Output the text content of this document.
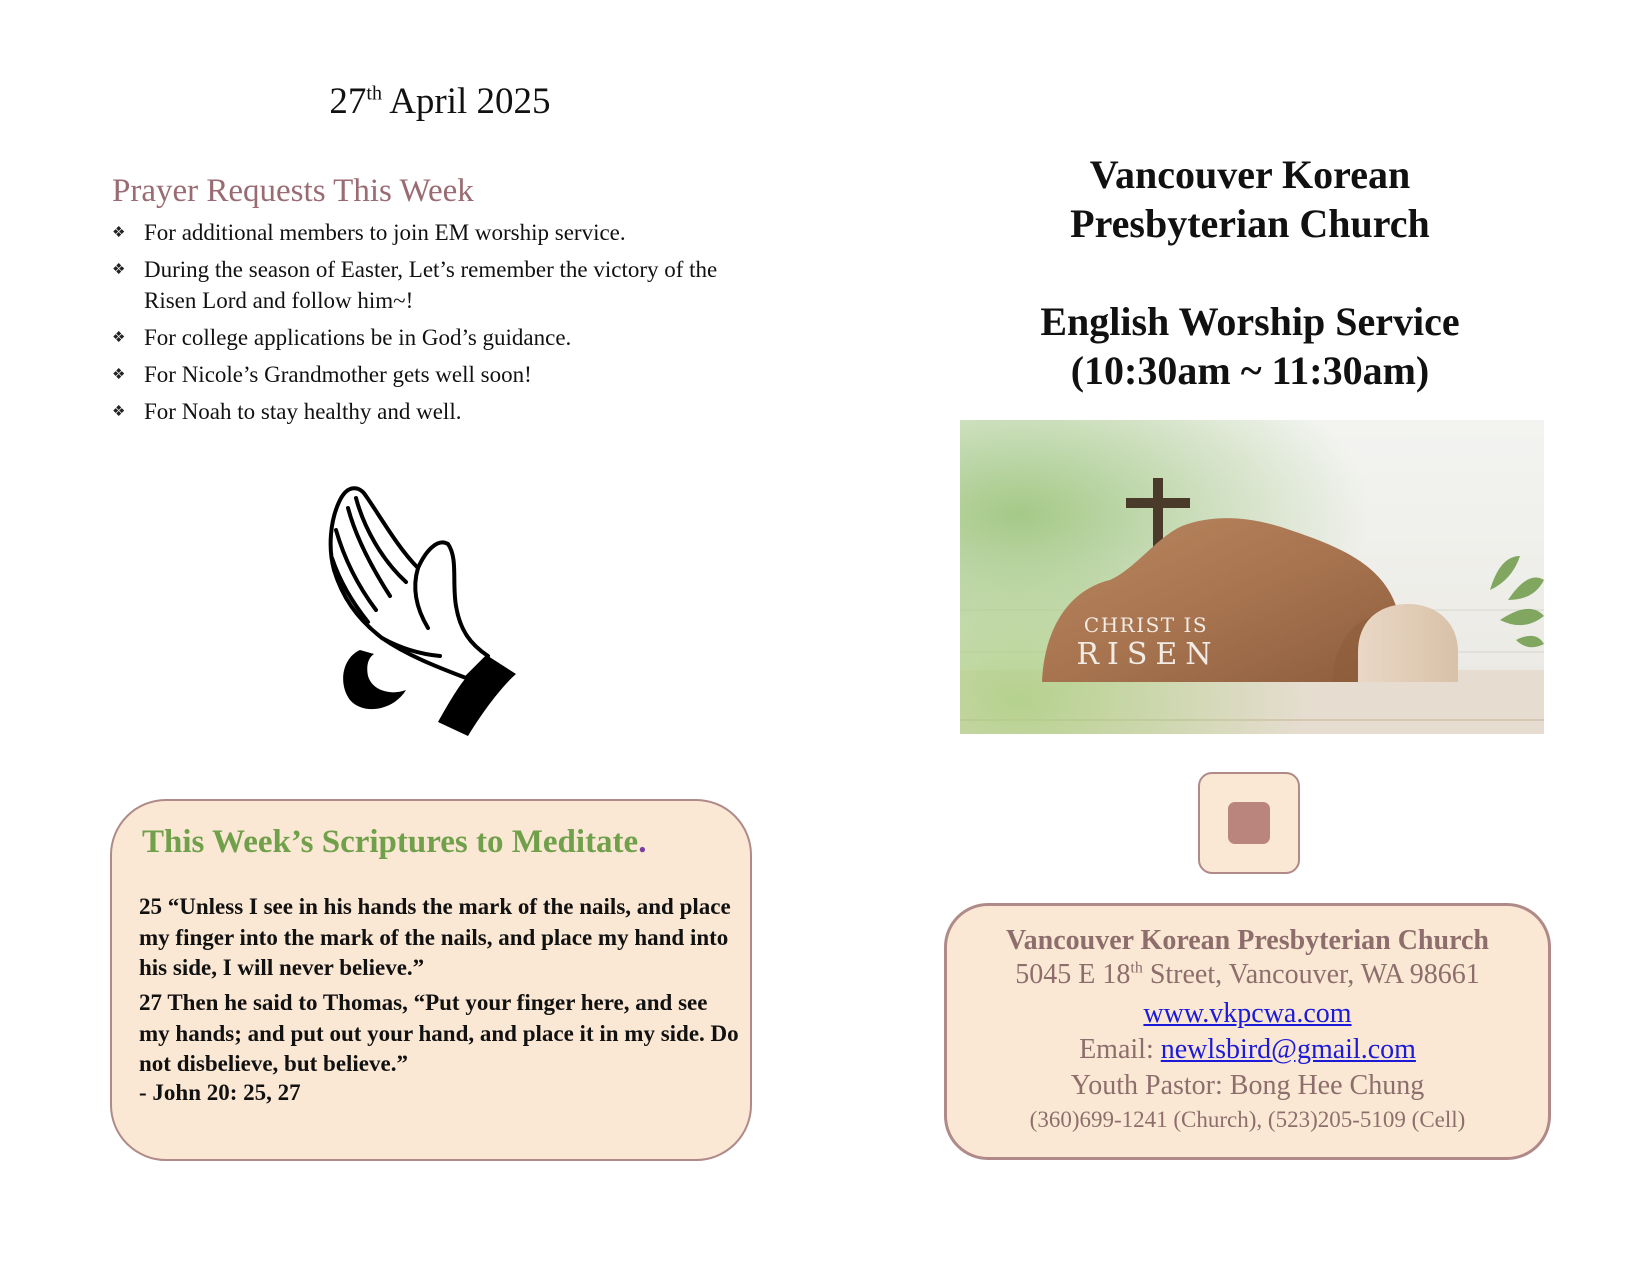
27th April 2025
Prayer Requests This Week
❖ For additional members to join EM worship service.
❖ During the season of Easter, Let’s remember the victory of the Risen Lord and follow him~!
❖ For college applications be in God’s guidance.
❖ For Nicole’s Grandmother gets well soon!
❖ For Noah to stay healthy and well.
This Week’s Scriptures to Meditate.
25 “Unless I see in his hands the mark of the nails, and place my finger into the mark of the nails, and place my hand into his side, I will never believe.”
27 Then he said to Thomas, “Put your finger here, and see my hands; and put out your hand, and place it in my side. Do not disbelieve, but believe.”
- John 20: 25, 27
Vancouver Korean
Presbyterian Church
English Worship Service
(10:30am ~ 11:30am)
CHRIST IS
RISEN
Vancouver Korean Presbyterian Church
5045 E 18th Street, Vancouver, WA 98661
www.vkpcwa.com
Email: newlsbird@gmail.com
Youth Pastor: Bong Hee Chung
(360)699-1241 (Church), (523)205-5109 (Cell)
